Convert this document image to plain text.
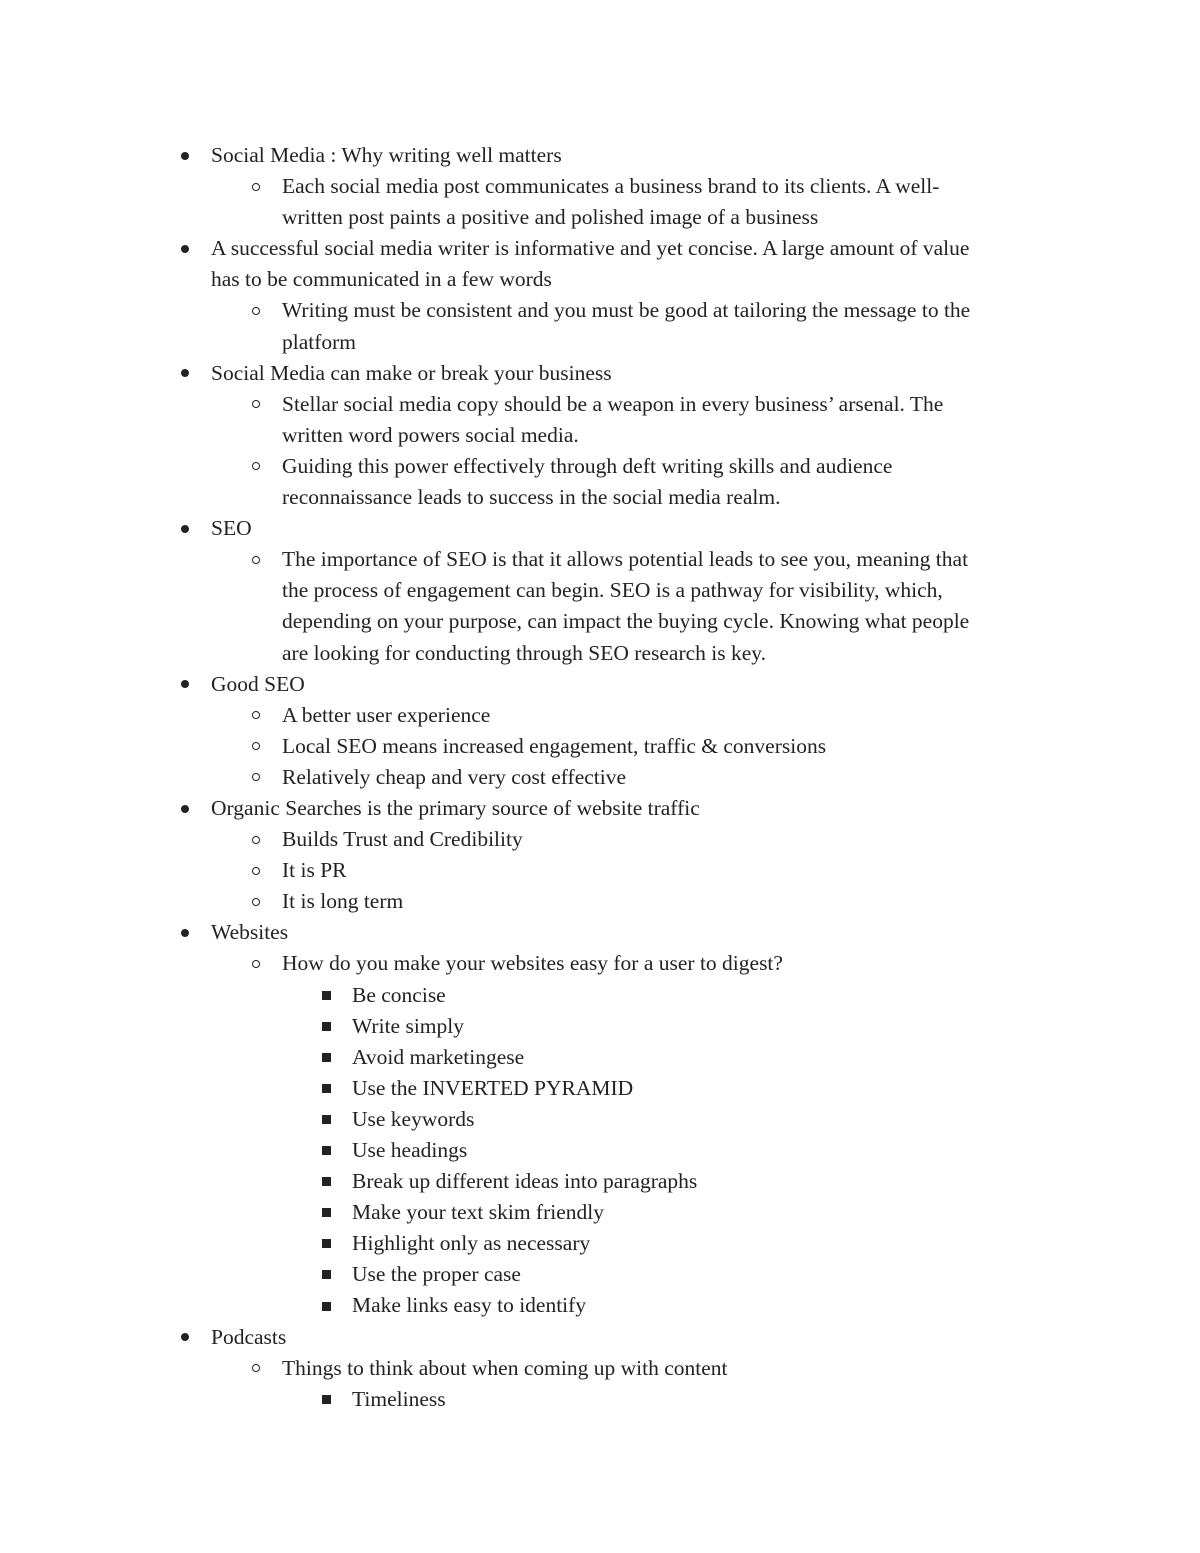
Social Media : Why writing well matters
Each social media post communicates a business brand to its clients. A well-
written post paints a positive and polished image of a business
A successful social media writer is informative and yet concise. A large amount of value
has to be communicated in a few words
Writing must be consistent and you must be good at tailoring the message to the
platform
Social Media can make or break your business
Stellar social media copy should be a weapon in every business’ arsenal. The
written word powers social media.
Guiding this power effectively through deft writing skills and audience
reconnaissance leads to success in the social media realm.
SEO
The importance of SEO is that it allows potential leads to see you, meaning that
the process of engagement can begin. SEO is a pathway for visibility, which,
depending on your purpose, can impact the buying cycle. Knowing what people
are looking for conducting through SEO research is key.
Good SEO
A better user experience
Local SEO means increased engagement, traffic & conversions
Relatively cheap and very cost effective
Organic Searches is the primary source of website traffic
Builds Trust and Credibility
It is PR
It is long term
Websites
How do you make your websites easy for a user to digest?
Be concise
Write simply
Avoid marketingese
Use the INVERTED PYRAMID
Use keywords
Use headings
Break up different ideas into paragraphs
Make your text skim friendly
Highlight only as necessary
Use the proper case
Make links easy to identify
Podcasts
Things to think about when coming up with content
Timeliness
